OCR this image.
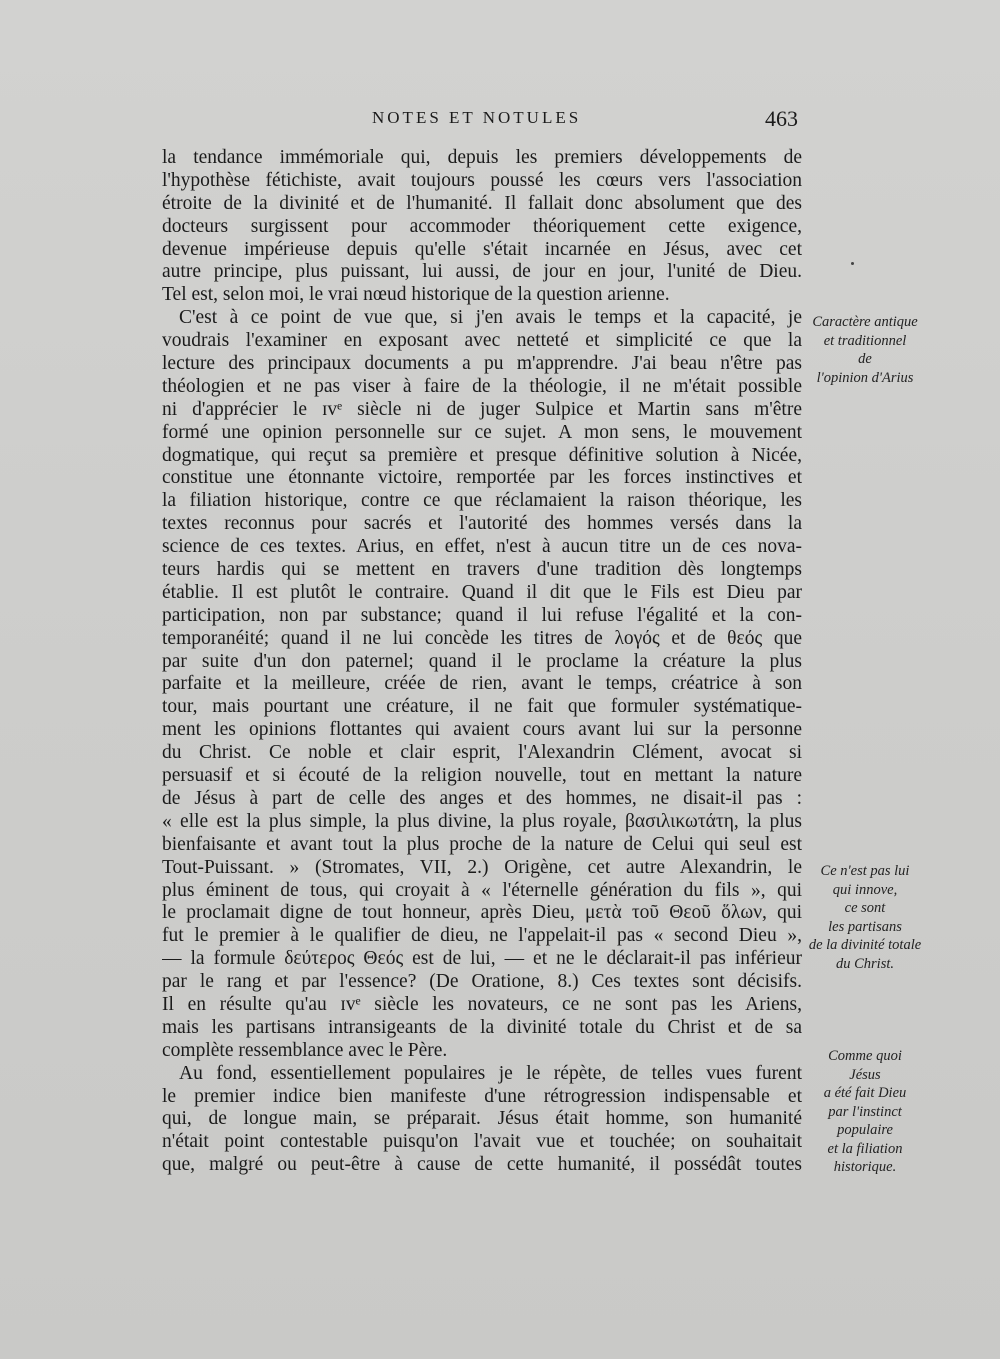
NOTES ET NOTULES	463
la tendance immémoriale qui, depuis les premiers développements de
l'hypothèse fétichiste, avait toujours poussé les cœurs vers l'association
étroite de la divinité et de l'humanité. Il fallait donc absolument que des
docteurs surgissent pour accommoder théoriquement cette exigence,
devenue impérieuse depuis qu'elle s'était incarnée en Jésus, avec cet
autre principe, plus puissant, lui aussi, de jour en jour, l'unité de Dieu.
Tel est, selon moi, le vrai nœud historique de la question arienne.
C'est à ce point de vue que, si j'en avais le temps et la capacité, je
voudrais l'examiner en exposant avec netteté et simplicité ce que la
lecture des principaux documents a pu m'apprendre. J'ai beau n'être pas
théologien et ne pas viser à faire de la théologie, il ne m'était possible
ni d'apprécier le ɪᴠᵉ siècle ni de juger Sulpice et Martin sans m'être
formé une opinion personnelle sur ce sujet. A mon sens, le mouvement
dogmatique, qui reçut sa première et presque définitive solution à Nicée,
constitue une étonnante victoire, remportée par les forces instinctives et
la filiation historique, contre ce que réclamaient la raison théorique, les
textes reconnus pour sacrés et l'autorité des hommes versés dans la
science de ces textes. Arius, en effet, n'est à aucun titre un de ces nova-
teurs hardis qui se mettent en travers d'une tradition dès longtemps
établie. Il est plutôt le contraire. Quand il dit que le Fils est Dieu par
participation, non par substance; quand il lui refuse l'égalité et la con-
temporanéité; quand il ne lui concède les titres de λογός et de θεός que
par suite d'un don paternel; quand il le proclame la créature la plus
parfaite et la meilleure, créée de rien, avant le temps, créatrice à son
tour, mais pourtant une créature, il ne fait que formuler systématique-
ment les opinions flottantes qui avaient cours avant lui sur la personne
du Christ. Ce noble et clair esprit, l'Alexandrin Clément, avocat si
persuasif et si écouté de la religion nouvelle, tout en mettant la nature
de Jésus à part de celle des anges et des hommes, ne disait-il pas :
« elle est la plus simple, la plus divine, la plus royale, βασιλικωτάτη, la plus
bienfaisante et avant tout la plus proche de la nature de Celui qui seul est
Tout-Puissant. » (Stromates, VII, 2.) Origène, cet autre Alexandrin, le
plus éminent de tous, qui croyait à « l'éternelle génération du fils », qui
le proclamait digne de tout honneur, après Dieu, μετὰ τοῦ Θεοῦ ὅλων, qui
fut le premier à le qualifier de dieu, ne l'appelait-il pas « second Dieu »,
— la formule δεύτερος Θεός est de lui, — et ne le déclarait-il pas inférieur
par le rang et par l'essence? (De Oratione, 8.) Ces textes sont décisifs.
Il en résulte qu'au ɪᴠᵉ siècle les novateurs, ce ne sont pas les Ariens,
mais les partisans intransigeants de la divinité totale du Christ et de sa
complète ressemblance avec le Père.
Au fond, essentiellement populaires je le répète, de telles vues furent
le premier indice bien manifeste d'une rétrogression indispensable et
qui, de longue main, se préparait. Jésus était homme, son humanité
n'était point contestable puisqu'on l'avait vue et touchée; on souhaitait
que, malgré ou peut-être à cause de cette humanité, il possédât toutes
Caractère antique
et traditionnel
de
l'opinion d'Arius
Ce n'est pas lui
qui innove,
ce sont
les partisans
de la divinité totale
du Christ.
Comme quoi
Jésus
a été fait Dieu
par l'instinct
populaire
et la filiation
historique.
